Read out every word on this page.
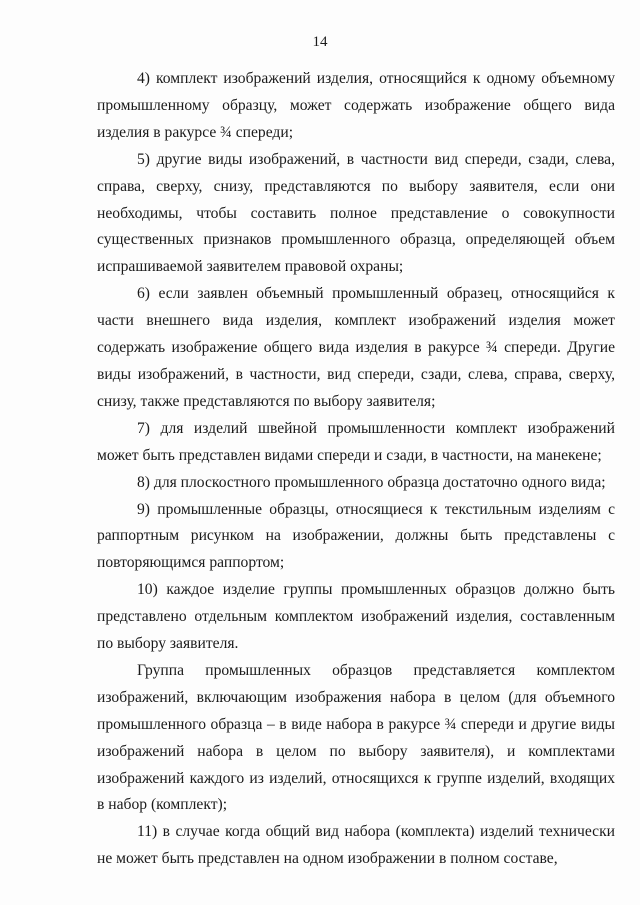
14

4) комплект изображений изделия, относящийся к одному объемному промышленному образцу, может содержать изображение общего вида изделия в ракурсе ¾ спереди;

5) другие виды изображений, в частности вид спереди, сзади, слева, справа, сверху, снизу, представляются по выбору заявителя, если они необходимы, чтобы составить полное представление о совокупности существенных признаков промышленного образца, определяющей объем испрашиваемой заявителем правовой охраны;

6) если заявлен объемный промышленный образец, относящийся к части внешнего вида изделия, комплект изображений изделия может содержать изображение общего вида изделия в ракурсе ¾ спереди. Другие виды изображений, в частности, вид спереди, сзади, слева, справа, сверху, снизу, также представляются по выбору заявителя;

7) для изделий швейной промышленности комплект изображений может быть представлен видами спереди и сзади, в частности, на манекене;

8) для плоскостного промышленного образца достаточно одного вида;

9) промышленные образцы, относящиеся к текстильным изделиям с раппортным рисунком на изображении, должны быть представлены с повторяющимся раппортом;

10) каждое изделие группы промышленных образцов должно быть представлено отдельным комплектом изображений изделия, составленным по выбору заявителя.

Группа промышленных образцов представляется комплектом изображений, включающим изображения набора в целом (для объемного промышленного образца – в виде набора в ракурсе ¾ спереди и другие виды изображений набора в целом по выбору заявителя), и комплектами изображений каждого из изделий, относящихся к группе изделий, входящих в набор (комплект);

11) в случае когда общий вид набора (комплекта) изделий технически не может быть представлен на одном изображении в полном составе,
